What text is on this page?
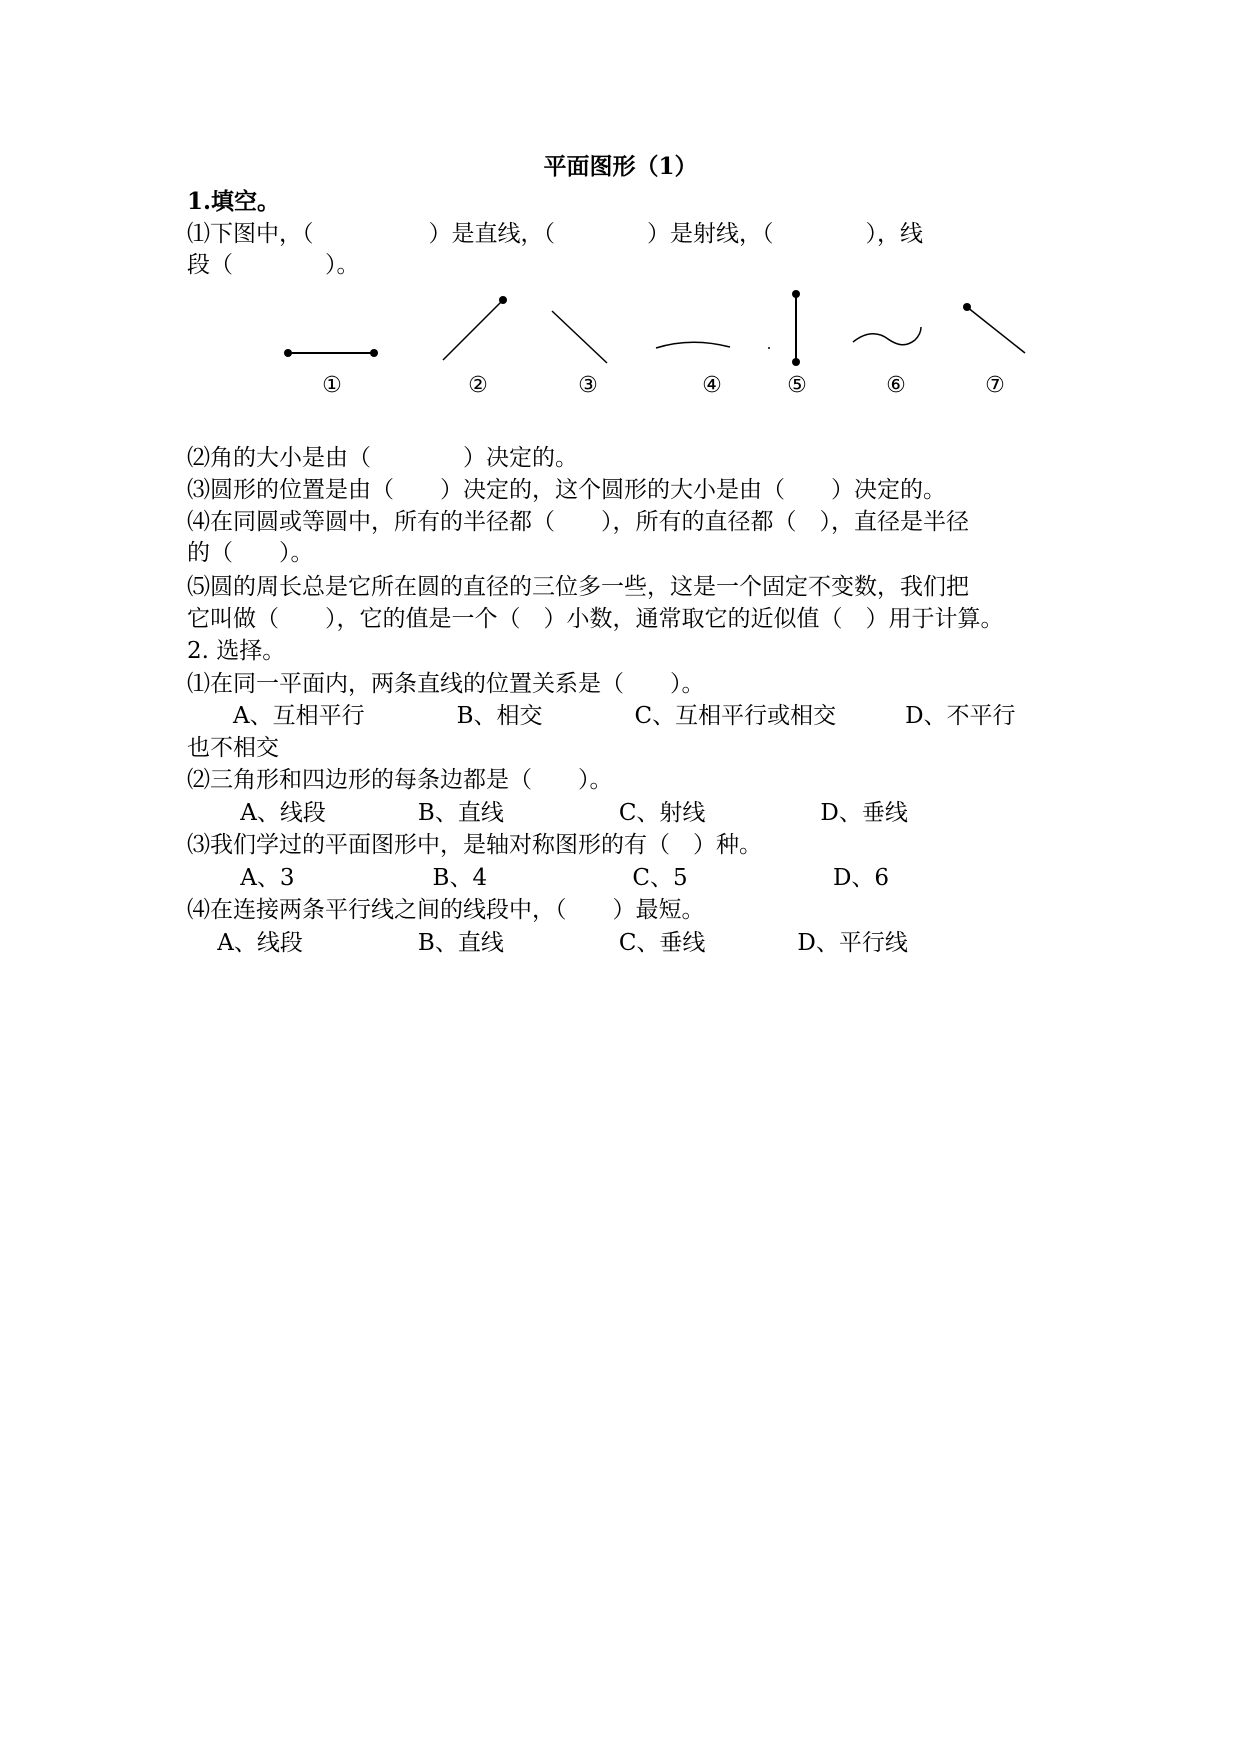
平面图形（1）
1.填空。
⑴下图中，（　　　　　）是直线，（　　　　）是射线，（　　　　），线
段（　　　　）。
①	②	③	④	⑤	⑥	⑦
⑵角的大小是由（　　　　）决定的。
⑶圆形的位置是由（　　）决定的，这个圆形的大小是由（　　）决定的。
⑷在同圆或等圆中，所有的半径都（　　），所有的直径都（　），直径是半径
的（　　）。
⑸圆的周长总是它所在圆的直径的三位多一些，这是一个固定不变数，我们把
它叫做（　　），它的值是一个（　）小数，通常取它的近似值（　）用于计算。
2. 选择。
⑴在同一平面内，两条直线的位置关系是（　　）。
　　A、互相平行　　　　B、相交　　　　C、互相平行或相交　　　D、不平行
也不相交
⑵三角形和四边形的每条边都是（　　）。
　　 A、线段　　　　B、直线　　　　　C、射线　　　　　D、垂线
⑶我们学过的平面图形中，是轴对称图形的有（　）种。
　　 A、3　　　　　　B、4　　　　　　 C、5　　　　　　 D、6
⑷在连接两条平行线之间的线段中，（　　）最短。
　 A、线段　　　　　B、直线　　　　　C、垂线　　　　D、平行线
